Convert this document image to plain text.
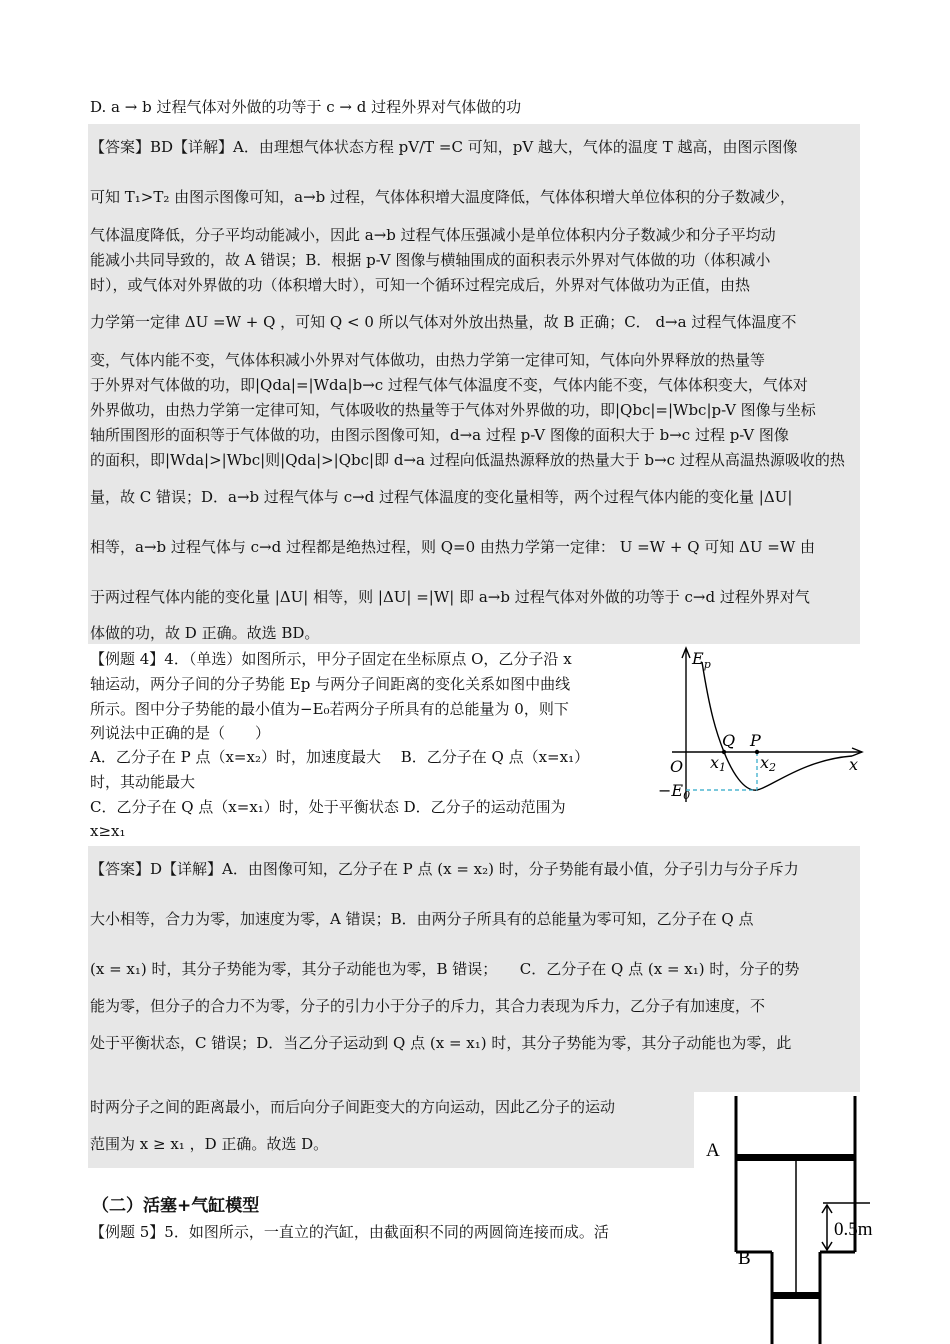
D. a → b 过程气体对外做的功等于 c → d 过程外界对气体做的功
【答案】BD【详解】A．由理想气体状态方程 pV/T =C 可知，pV 越大，气体的温度 T 越高，由图示图像
可知 T₁>T₂ 由图示图像可知，a→b 过程，气体体积增大温度降低，气体体积增大单位体积的分子数减少，
气体温度降低，分子平均动能减小，因此 a→b 过程气体压强减小是单位体积内分子数减少和分子平均动
能减小共同导致的，故 A 错误；B．根据 p-V 图像与横轴围成的面积表示外界对气体做的功（体积减小
时），或气体对外界做的功（体积增大时），可知一个循环过程完成后，外界对气体做功为正值，由热
力学第一定律 ΔU =W + Q ，可知 Q < 0 所以气体对外放出热量，故 B 正确；C． d→a 过程气体温度不
变，气体内能不变，气体体积减小外界对气体做功，由热力学第一定律可知，气体向外界释放的热量等
于外界对气体做的功，即|Qda|=|Wda|b→c 过程气体气体温度不变，气体内能不变，气体体积变大，气体对
外界做功，由热力学第一定律可知，气体吸收的热量等于气体对外界做的功，即|Qbc|=|Wbc|p-V 图像与坐标
轴所围图形的面积等于气体做的功，由图示图像可知，d→a 过程 p-V 图像的面积大于 b→c 过程 p-V 图像
的面积，即|Wda|>|Wbc|则|Qda|>|Qbc|即 d→a 过程向低温热源释放的热量大于 b→c 过程从高温热源吸收的热
量，故 C 错误；D．a→b 过程气体与 c→d 过程气体温度的变化量相等，两个过程气体内能的变化量 |ΔU|
相等，a→b 过程气体与 c→d 过程都是绝热过程，则 Q=0 由热力学第一定律： U =W + Q 可知 ΔU =W 由
于两过程气体内能的变化量 |ΔU| 相等，则 |ΔU| =|W| 即 a→b 过程气体对外做的功等于 c→d 过程外界对气
体做的功，故 D 正确。故选 BD。
【例题 4】4．（单选）如图所示，甲分子固定在坐标原点 O，乙分子沿 x
轴运动，两分子间的分子势能 Ep 与两分子间距离的变化关系如图中曲线
所示。图中分子势能的最小值为−E₀若两分子所具有的总能量为 0，则下
列说法中正确的是（　　）
A．乙分子在 P 点（x=x₂）时，加速度最大　 B．乙分子在 Q 点（x=x₁）
时，其动能最大
C．乙分子在 Q 点（x=x₁）时，处于平衡状态 D．乙分子的运动范围为
x≥x₁
$E_p$
Q P
O x1 x2	x
−E0
【答案】D【详解】A．由图像可知，乙分子在 P 点 (x = x₂) 时，分子势能有最小值，分子引力与分子斥力
大小相等，合力为零，加速度为零，A 错误；B．由两分子所具有的总能量为零可知，乙分子在 Q 点
(x = x₁) 时，其分子势能为零，其分子动能也为零，B 错误；　　C．乙分子在 Q 点 (x = x₁) 时，分子的势
能为零，但分子的合力不为零，分子的引力小于分子的斥力，其合力表现为斥力，乙分子有加速度，不
处于平衡状态，C 错误；D．当乙分子运动到 Q 点 (x = x₁) 时，其分子势能为零，其分子动能也为零，此
时两分子之间的距离最小，而后向分子间距变大的方向运动，因此乙分子的运动
范围为 x ≥ x₁ ，D 正确。故选 D。
（二）活塞+气缸模型
【例题 5】5．如图所示，一直立的汽缸，由截面积不同的两圆筒连接而成。活
A
B
0.5m
